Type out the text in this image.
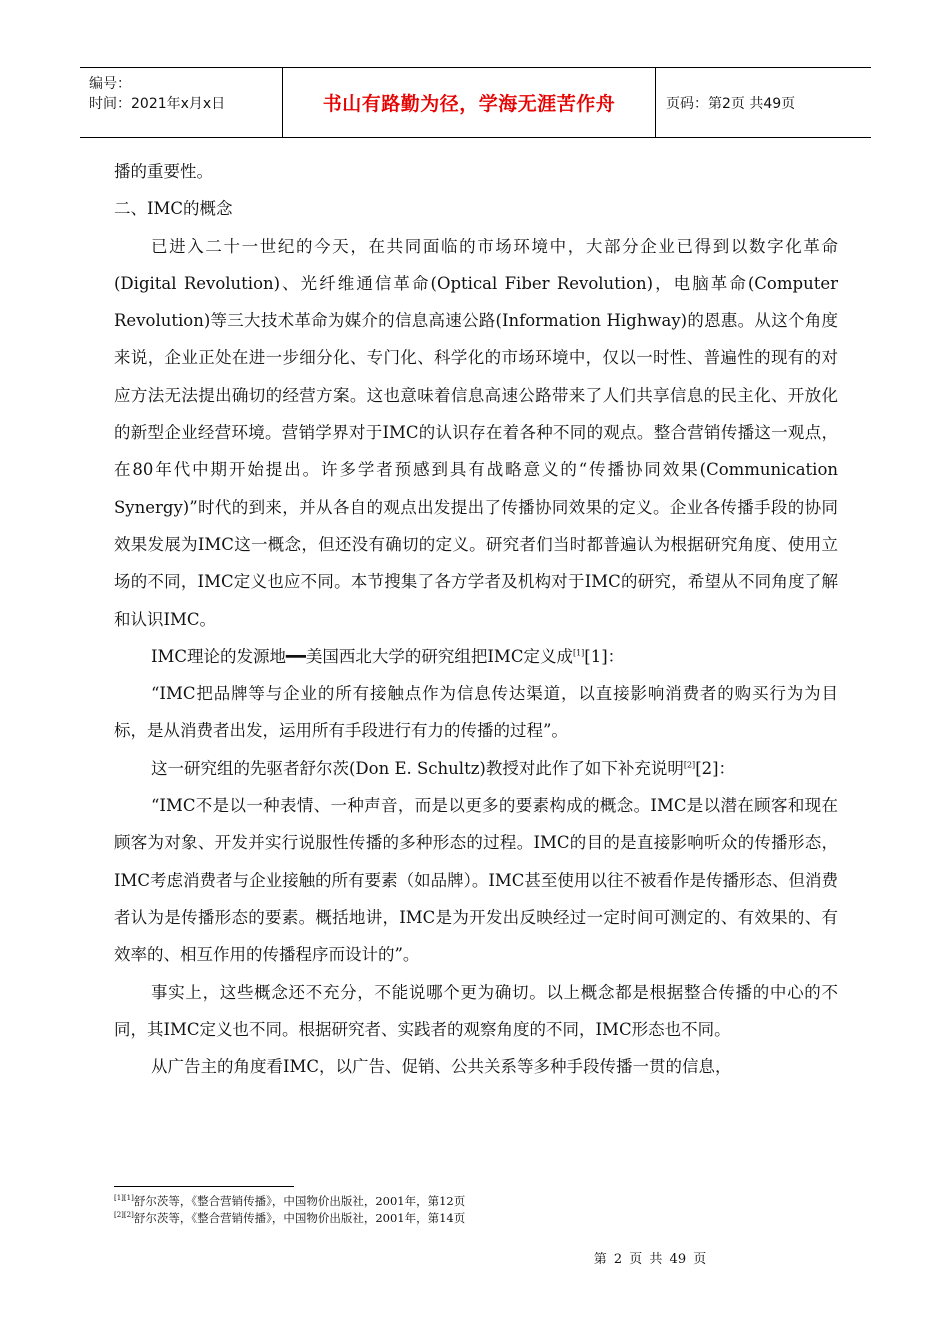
编号：
时间：2021年x月x日	书山有路勤为径，学海无涯苦作舟	页码：第2页 共49页

播的重要性。

二、IMC的概念

已进入二十一世纪的今天，在共同面临的市场环境中，大部分企业已得到以数字化革命(Digital Revolution)、光纤维通信革命(Optical Fiber Revolution)，电脑革命(Computer Revolution)等三大技术革命为媒介的信息高速公路(Information Highway)的恩惠。从这个角度来说，企业正处在进一步细分化、专门化、科学化的市场环境中，仅以一时性、普遍性的现有的对应方法无法提出确切的经营方案。这也意味着信息高速公路带来了人们共享信息的民主化、开放化的新型企业经营环境。营销学界对于IMC的认识存在着各种不同的观点。整合营销传播这一观点，在80年代中期开始提出。许多学者预感到具有战略意义的“传播协同效果(Communication Synergy)”时代的到来，并从各自的观点出发提出了传播协同效果的定义。企业各传播手段的协同效果发展为IMC这一概念，但还没有确切的定义。研究者们当时都普遍认为根据研究角度、使用立场的不同，IMC定义也应不同。本节搜集了各方学者及机构对于IMC的研究，希望从不同角度了解和认识IMC。

IMC理论的发源地━━美国西北大学的研究组把IMC定义成[1][1]：

“IMC把品牌等与企业的所有接触点作为信息传达渠道，以直接影响消费者的购买行为为目标，是从消费者出发，运用所有手段进行有力的传播的过程”。

这一研究组的先驱者舒尔茨(Don E. Schultz)教授对此作了如下补充说明[2][2]：

“IMC不是以一种表情、一种声音，而是以更多的要素构成的概念。IMC是以潜在顾客和现在顾客为对象、开发并实行说服性传播的多种形态的过程。IMC的目的是直接影响听众的传播形态，IMC考虑消费者与企业接触的所有要素（如品牌）。IMC甚至使用以往不被看作是传播形态、但消费者认为是传播形态的要素。概括地讲，IMC是为开发出反映经过一定时间可测定的、有效果的、有效率的、相互作用的传播程序而设计的”。

事实上，这些概念还不充分，不能说哪个更为确切。以上概念都是根据整合传播的中心的不同，其IMC定义也不同。根据研究者、实践者的观察角度的不同，IMC形态也不同。

从广告主的角度看IMC，以广告、促销、公共关系等多种手段传播一贯的信息，

[1][1]舒尔茨等，《整合营销传播》，中国物价出版社，2001年，第12页
[2][2]舒尔茨等，《整合营销传播》，中国物价出版社，2001年，第14页
第 2 页 共 49 页
